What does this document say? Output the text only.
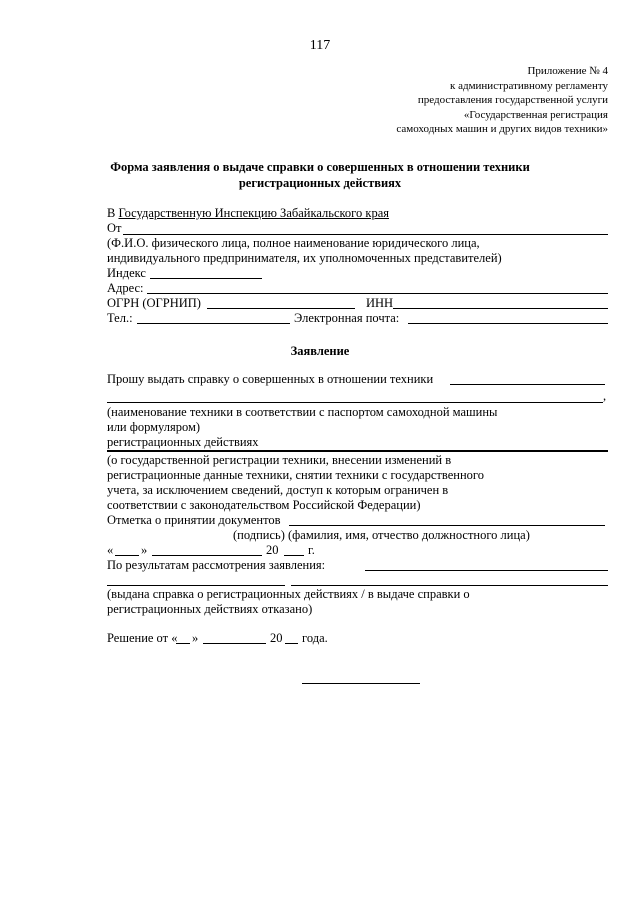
117
Приложение № 4
к административному регламенту
предоставления государственной услуги
«Государственная регистрация
самоходных машин и других видов техники»
Форма заявления о выдаче справки о совершенных в отношении техники
регистрационных действиях
В Государственную Инспекцию Забайкальского края
От
(Ф.И.О. физического лица, полное наименование юридического лица,
индивидуального предпринимателя, их уполномоченных представителей)
Индекс
Адрес:
ОГРН (ОГРНИП)	ИНН
Тел.:	Электронная почта:
Заявление
Прошу выдать справку о совершенных в отношении техники
,
(наименование техники в соответствии с паспортом самоходной машины
или формуляром)
регистрационных действиях
(о государственной регистрации техники, внесении изменений в
регистрационные данные техники, снятии техники с государственного
учета, за исключением сведений, доступ к которым ограничен в
соответствии с законодательством Российской Федерации)
Отметка о принятии документов
(подпись) (фамилия, имя, отчество должностного лица)
« »	20 г.
По результатам рассмотрения заявления:
(выдана справка о регистрационных действиях / в выдаче справки о
регистрационных действиях отказано)
Решение от « »	20 года.
